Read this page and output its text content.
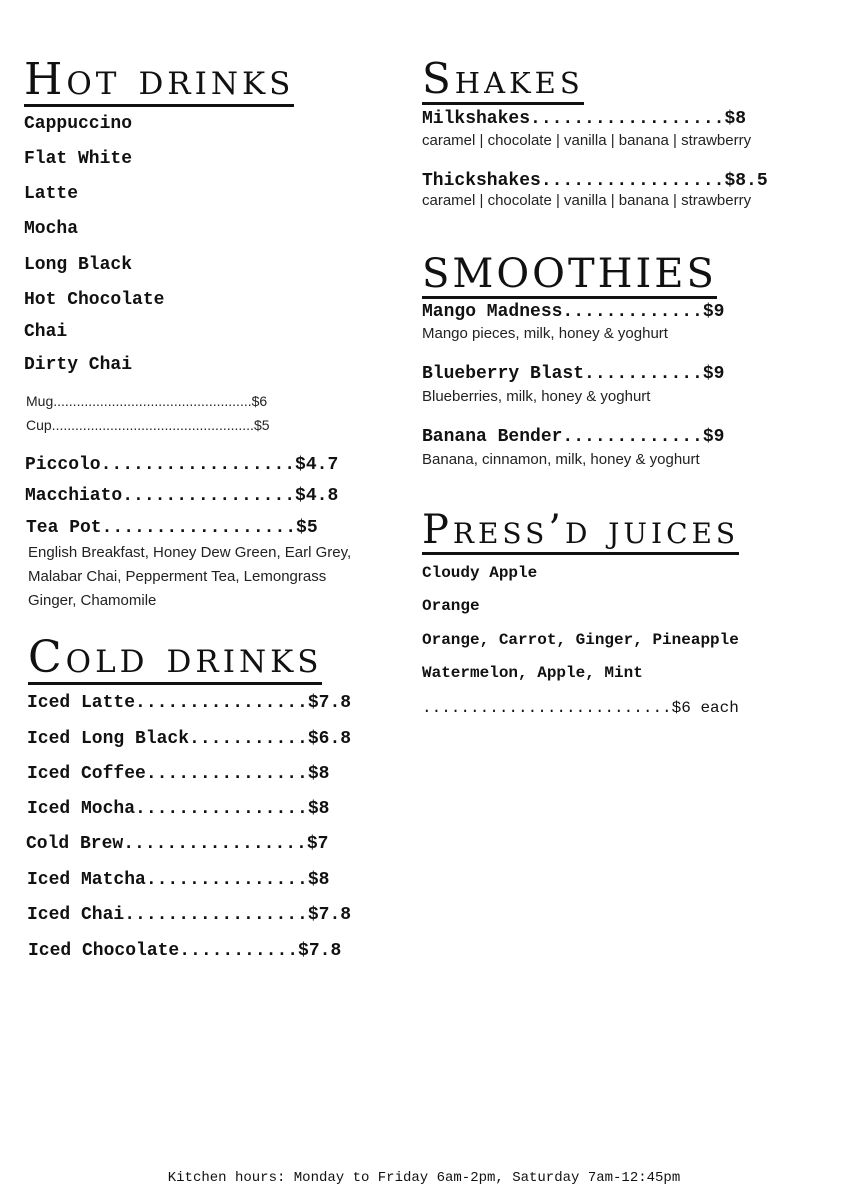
Hot drinks

Cappuccino

Flat White

Latte

Mocha

Long Black

Hot Chocolate

Chai

Dirty Chai

Mug...................................................$6

Cup....................................................$5

Piccolo..................$4.7

Macchiato................$4.8

Tea Pot..................$5

English Breakfast, Honey Dew Green, Earl Grey, Malabar Chai, Pepperment Tea, Lemongrass Ginger, Chamomile

Cold drinks

Iced Latte................$7.8

Iced Long Black...........$6.8

Iced Coffee...............$8

Iced Mocha................$8

Cold Brew.................$7

Iced Matcha...............$8

Iced Chai.................$7.8

Iced Chocolate...........$7.8

Shakes

Milkshakes..................$8

caramel | chocolate | vanilla | banana | strawberry

Thickshakes.................$8.5

caramel | chocolate | vanilla | banana | strawberry

SMOOTHIES

Mango Madness.............$9

Mango pieces, milk, honey & yoghurt

Blueberry Blast...........$9

Blueberries, milk, honey & yoghurt

Banana Bender.............$9

Banana, cinnamon, milk, honey & yoghurt

Press’d juices

Cloudy Apple

Orange

Orange, Carrot, Ginger, Pineapple

Watermelon, Apple, Mint

..........................$6 each

Kitchen hours: Monday to Friday 6am-2pm, Saturday 7am-12:45pm
